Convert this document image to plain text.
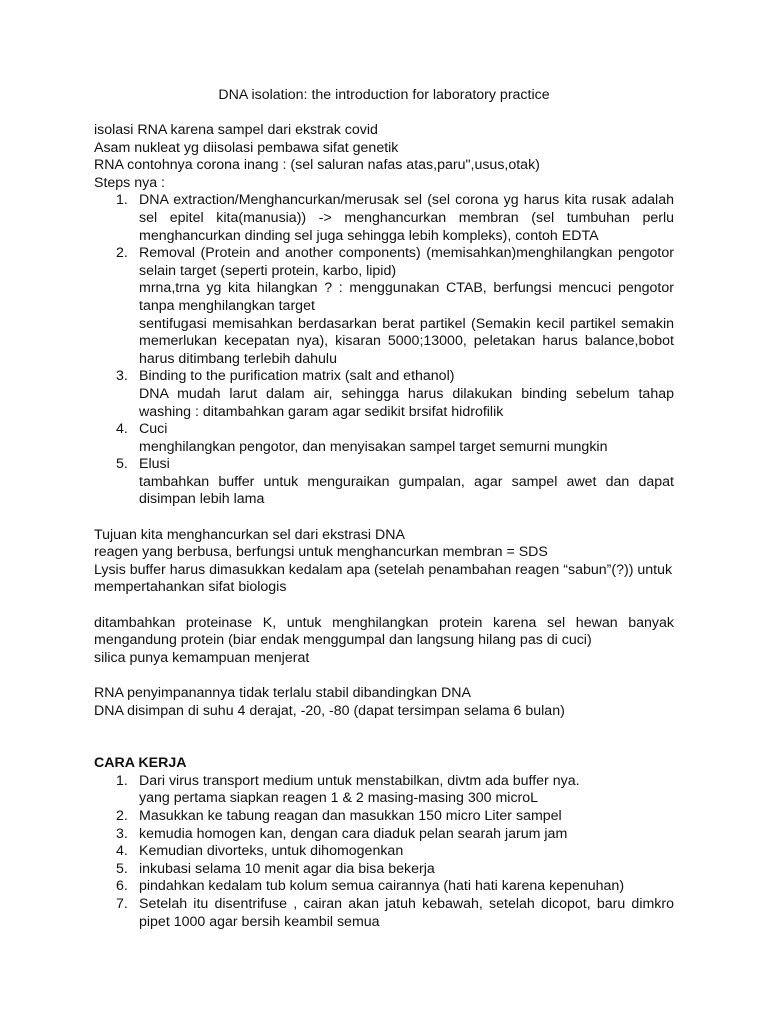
DNA isolation: the introduction for laboratory practice

isolasi RNA karena sampel dari ekstrak covid

Asam nukleat yg diisolasi pembawa sifat genetik

RNA contohnya corona inang : (sel saluran nafas atas,paru",usus,otak)

Steps nya :

1. DNA extraction/Menghancurkan/merusak sel (sel corona yg harus kita rusak adalah sel epitel kita(manusia)) -> menghancurkan membran (sel tumbuhan perlu menghancurkan dinding sel juga sehingga lebih kompleks), contoh EDTA

2. Removal (Protein and another components) (memisahkan)menghilangkan pengotor selain target (seperti protein, karbo, lipid)

mrna,trna yg kita hilangkan ? : menggunakan CTAB, berfungsi mencuci pengotor tanpa menghilangkan target

sentifugasi memisahkan berdasarkan berat partikel (Semakin kecil partikel semakin memerlukan kecepatan nya), kisaran 5000;13000, peletakan harus balance,bobot harus ditimbang terlebih dahulu

3. Binding to the purification matrix (salt and ethanol)

DNA mudah larut dalam air, sehingga harus dilakukan binding sebelum tahap washing : ditambahkan garam agar sedikit brsifat hidrofilik

4. Cuci

menghilangkan pengotor, dan menyisakan sampel target semurni mungkin

5. Elusi

tambahkan buffer untuk menguraikan gumpalan, agar sampel awet dan dapat disimpan lebih lama

Tujuan kita menghancurkan sel dari ekstrasi DNA

reagen yang berbusa, berfungsi untuk menghancurkan membran = SDS

Lysis buffer harus dimasukkan kedalam apa (setelah penambahan reagen “sabun”(?)) untuk mempertahankan sifat biologis

ditambahkan proteinase K, untuk menghilangkan protein karena sel hewan banyak mengandung protein (biar endak menggumpal dan langsung hilang pas di cuci)

silica punya kemampuan menjerat

RNA penyimpanannya tidak terlalu stabil dibandingkan DNA

DNA disimpan di suhu 4 derajat, -20, -80 (dapat tersimpan selama 6 bulan)

CARA KERJA

1. Dari virus transport medium untuk menstabilkan, divtm ada buffer nya.

yang pertama siapkan reagen 1 & 2 masing-masing 300 microL

2. Masukkan ke tabung reagan dan masukkan 150 micro Liter sampel

3. kemudia homogen kan, dengan cara diaduk pelan searah jarum jam

4. Kemudian divorteks, untuk dihomogenkan

5. inkubasi selama 10 menit agar dia bisa bekerja

6. pindahkan kedalam tub kolum semua cairannya (hati hati karena kepenuhan)

7. Setelah itu disentrifuse , cairan akan jatuh kebawah, setelah dicopot, baru dimkro pipet 1000 agar bersih keambil semua
